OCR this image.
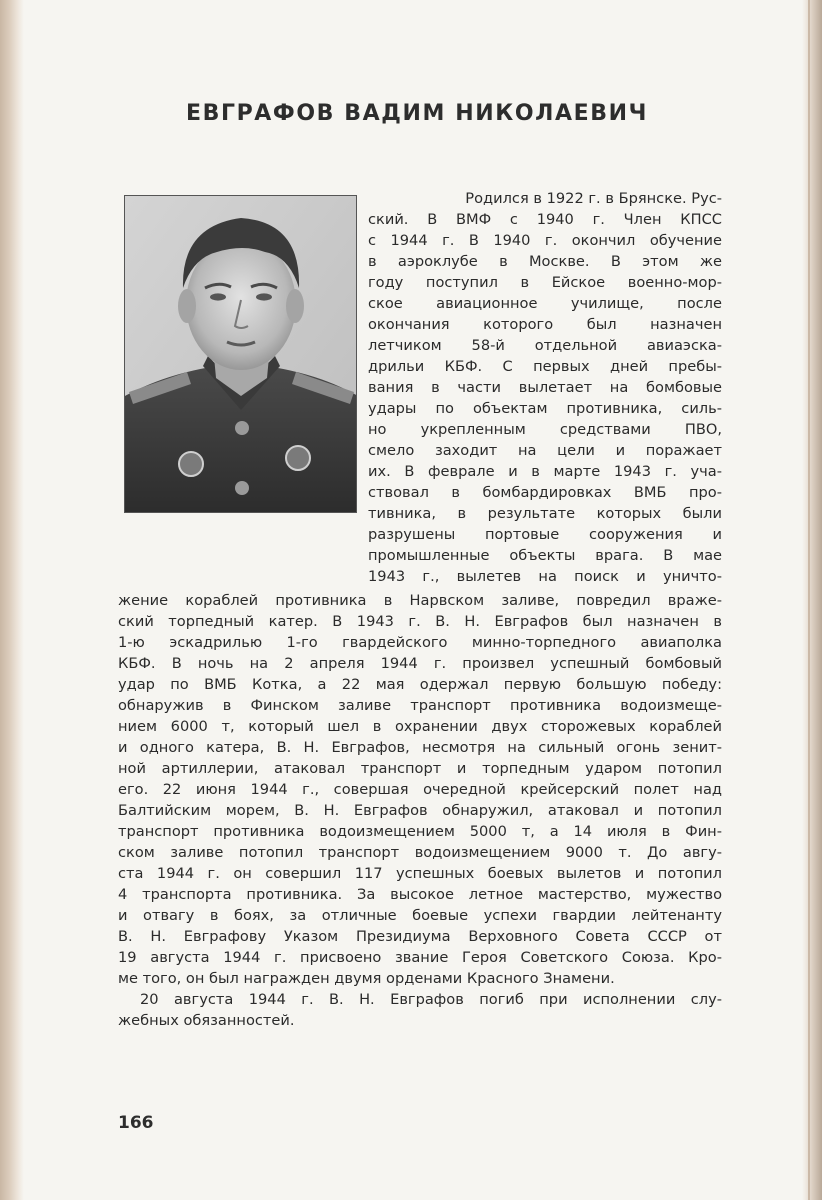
ЕВГРАФОВ ВАДИМ НИКОЛАЕВИЧ
Родился в 1922 г. в Брянске. Рус-
ский. В ВМФ с 1940 г. Член КПСС
с 1944 г. В 1940 г. окончил обучение
в аэроклубе в Москве. В этом же
году поступил в Ейское военно-мор-
ское авиационное училище, после
окончания которого был назначен
летчиком 58-й отдельной авиаэска-
дрильи КБФ. С первых дней пребы-
вания в части вылетает на бомбовые
удары по объектам противника, силь-
но укрепленным средствами ПВО,
смело заходит на цели и поражает
их. В феврале и в марте 1943 г. уча-
ствовал в бомбардировках ВМБ про-
тивника, в результате которых были
разрушены портовые сооружения и
промышленные объекты врага. В мае
1943 г., вылетев на поиск и уничто-
жение кораблей противника в Нарвском заливе, повредил враже-
ский торпедный катер. В 1943 г. В. Н. Евграфов был назначен в
1-ю эскадрилью 1-го гвардейского минно-торпедного авиаполка
КБФ. В ночь на 2 апреля 1944 г. произвел успешный бомбовый
удар по ВМБ Котка, а 22 мая одержал первую большую победу:
обнаружив в Финском заливе транспорт противника водоизмеще-
нием 6000 т, который шел в охранении двух сторожевых кораблей
и одного катера, В. Н. Евграфов, несмотря на сильный огонь зенит-
ной артиллерии, атаковал транспорт и торпедным ударом потопил
его. 22 июня 1944 г., совершая очередной крейсерский полет над
Балтийским морем, В. Н. Евграфов обнаружил, атаковал и потопил
транспорт противника водоизмещением 5000 т, а 14 июля в Фин-
ском заливе потопил транспорт водоизмещением 9000 т. До авгу-
ста 1944 г. он совершил 117 успешных боевых вылетов и потопил
4 транспорта противника. За высокое летное мастерство, мужество
и отвагу в боях, за отличные боевые успехи гвардии лейтенанту
В. Н. Евграфову Указом Президиума Верховного Совета СССР от
19 августа 1944 г. присвоено звание Героя Советского Союза. Кро-
ме того, он был награжден двумя орденами Красного Знамени.
20 августа 1944 г. В. Н. Евграфов погиб при исполнении слу-
жебных обязанностей.
166
